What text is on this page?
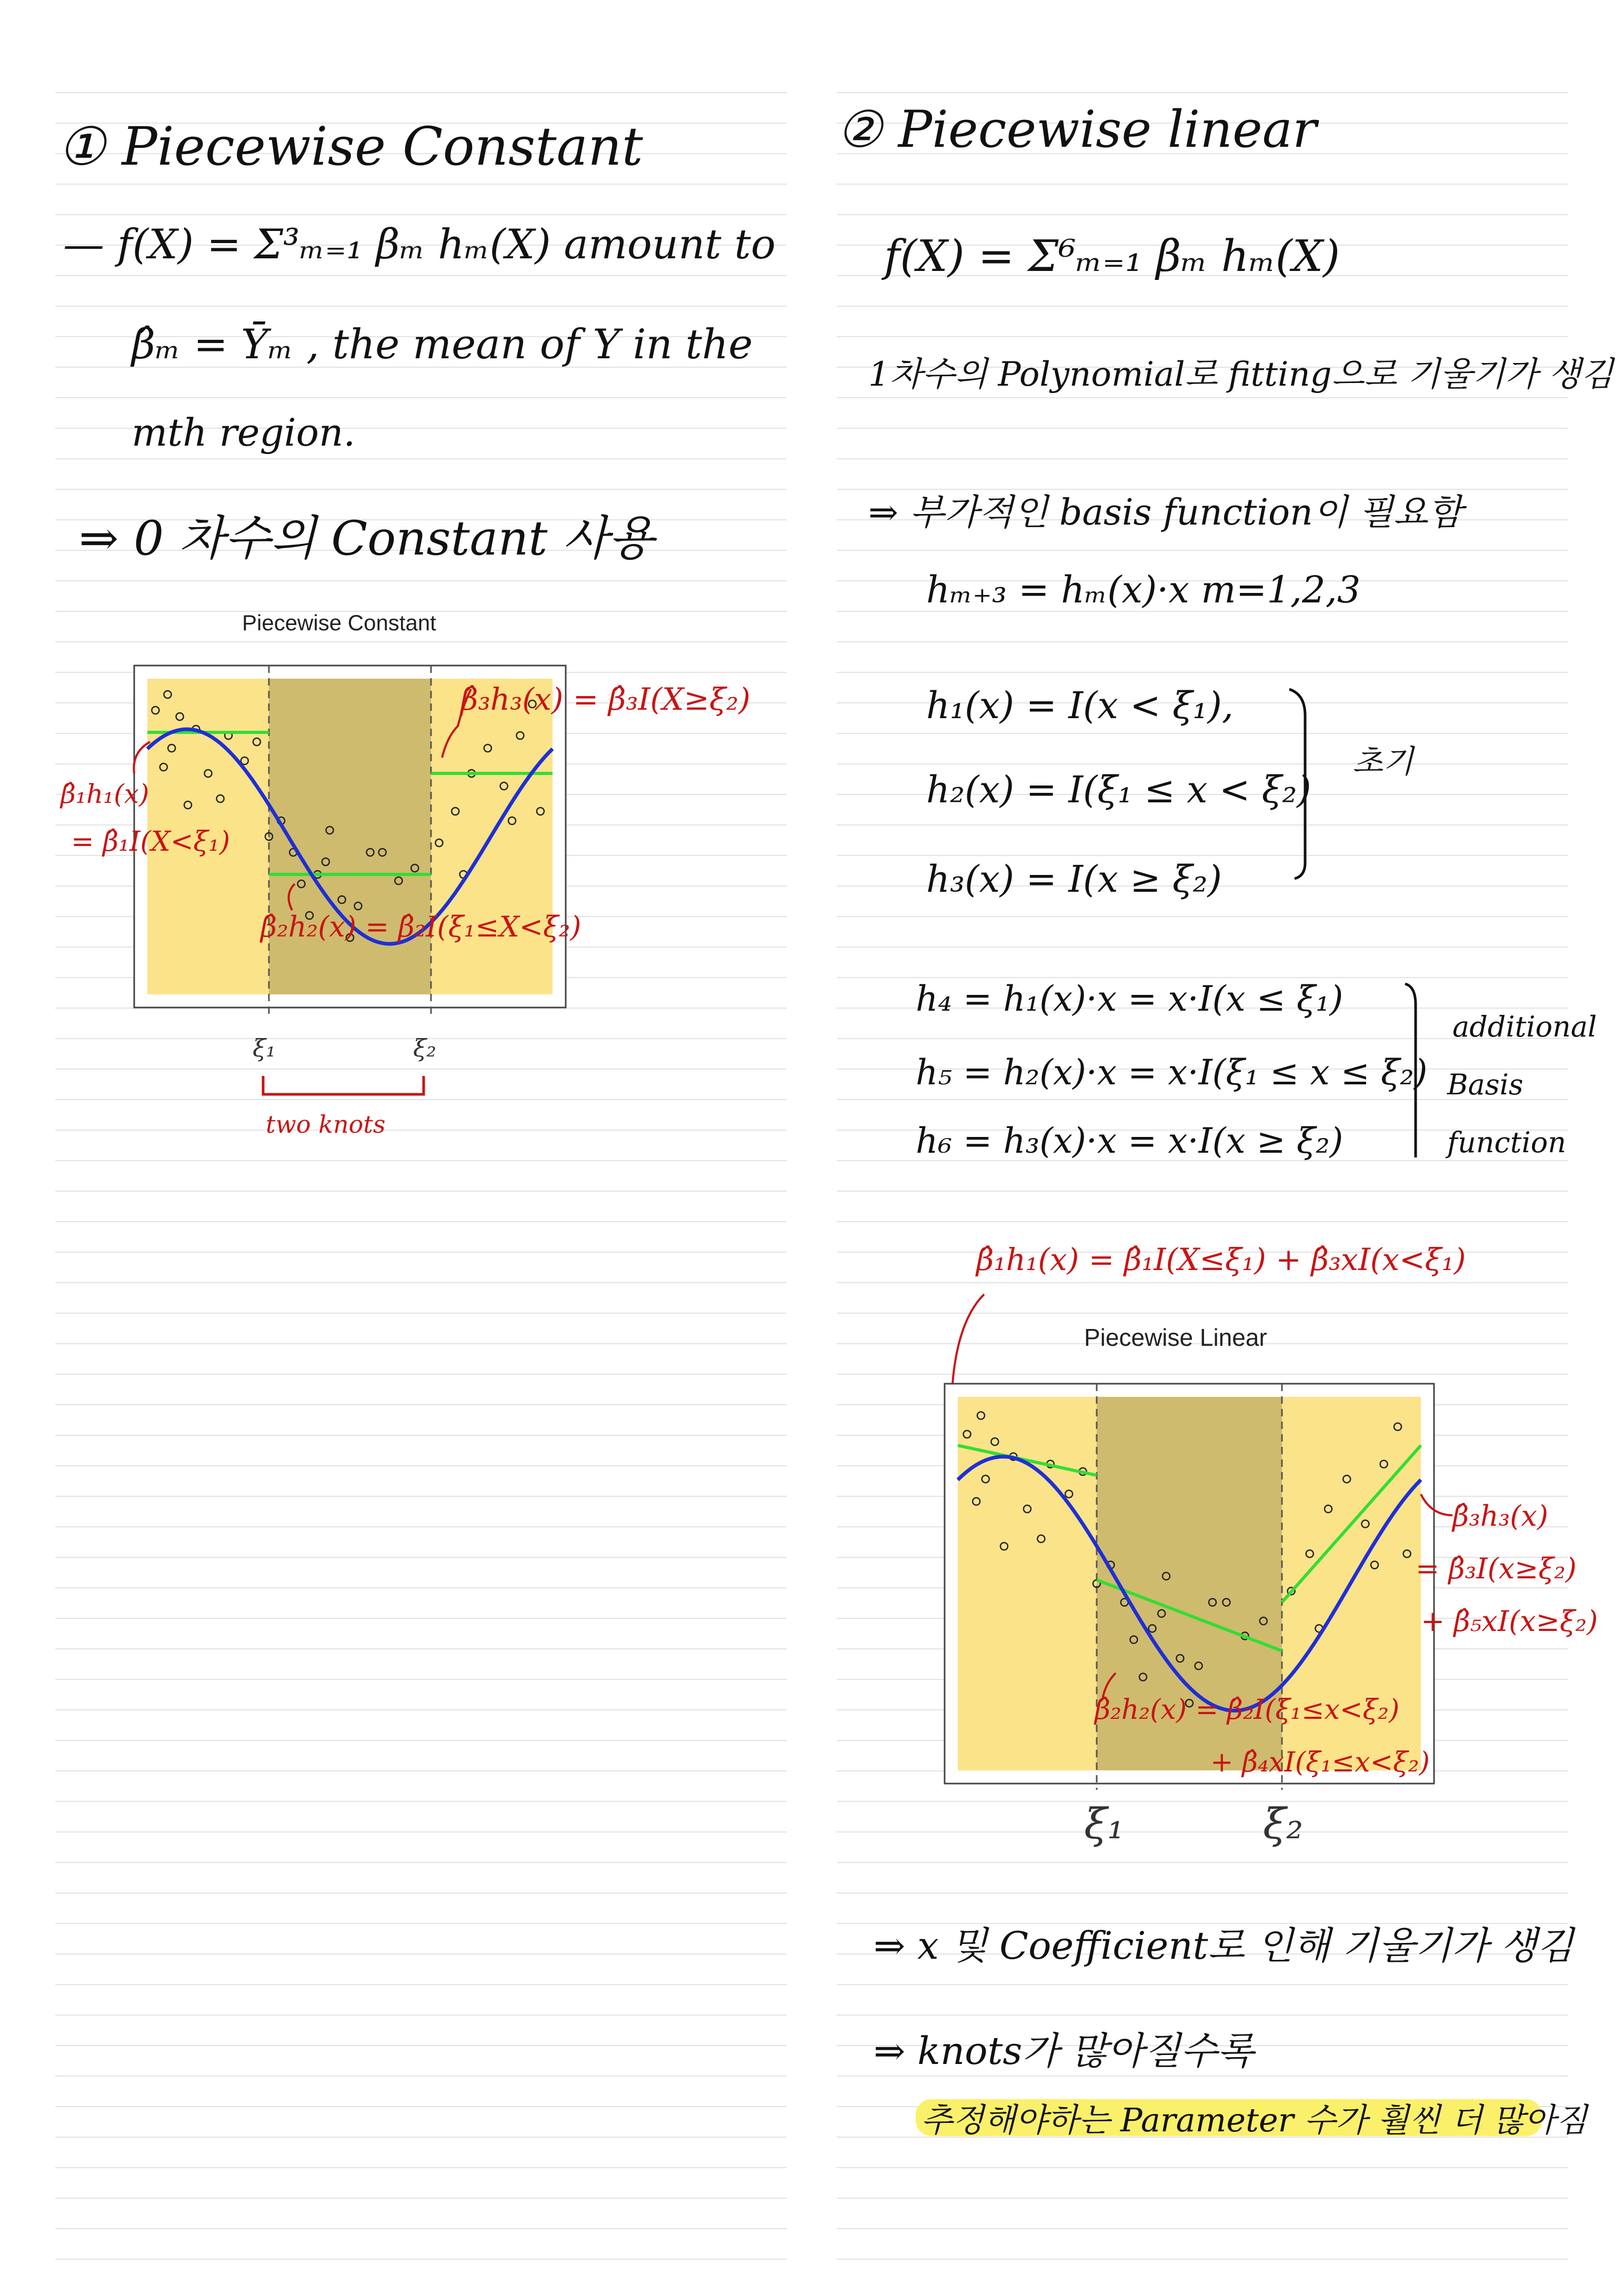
① Piecewise Constant
— f(X) = Σ³ₘ₌₁ βₘ hₘ(X) amount to
β̂ₘ = Ȳₘ , the mean of Y in the
mth region.
⇒ 0 차수의 Constant 사용
Piecewise Constant
ξ₁	ξ₂
two knots
β̂₁h₁(x)
= β̂₁I(X<ξ₁)
β̂₂h₂(x) = β̂₂I(ξ₁≤X<ξ₂)
β̂₃h₃(x) = β̂₃I(X≥ξ₂)
② Piecewise linear
f(X) = Σ⁶ₘ₌₁ βₘ hₘ(X)
1차수의 Polynomial로 fitting으로 기울기가 생김
⇒ 부가적인 basis function이 필요함
hₘ₊₃ = hₘ(x)·x m=1,2,3
h₁(x) = I(x < ξ₁),
h₂(x) = I(ξ₁ ≤ x < ξ₂)
h₃(x) = I(x ≥ ξ₂)
초기
h₄ = h₁(x)·x = x·I(x ≤ ξ₁)
h₅ = h₂(x)·x = x·I(ξ₁ ≤ x ≤ ξ₂)
h₆ = h₃(x)·x = x·I(x ≥ ξ₂)
additional
Basis
function
β̂₁h₁(x) = β̂₁I(X≤ξ₁) + β̂₃xI(x<ξ₁)
Piecewise Linear
ξ₁	ξ₂
β̂₃h₃(x)
= β̂₃I(x≥ξ₂)
+ β̂₅xI(x≥ξ₂)
β̂₂h₂(x) = β̂₂I(ξ₁≤x<ξ₂)
+ β̂₄xI(ξ₁≤x<ξ₂)
⇒ x 및 Coefficient로 인해 기울기가 생김
⇒ knots가 많아질수록
추정해야하는 Parameter 수가 훨씬 더 많아짐
